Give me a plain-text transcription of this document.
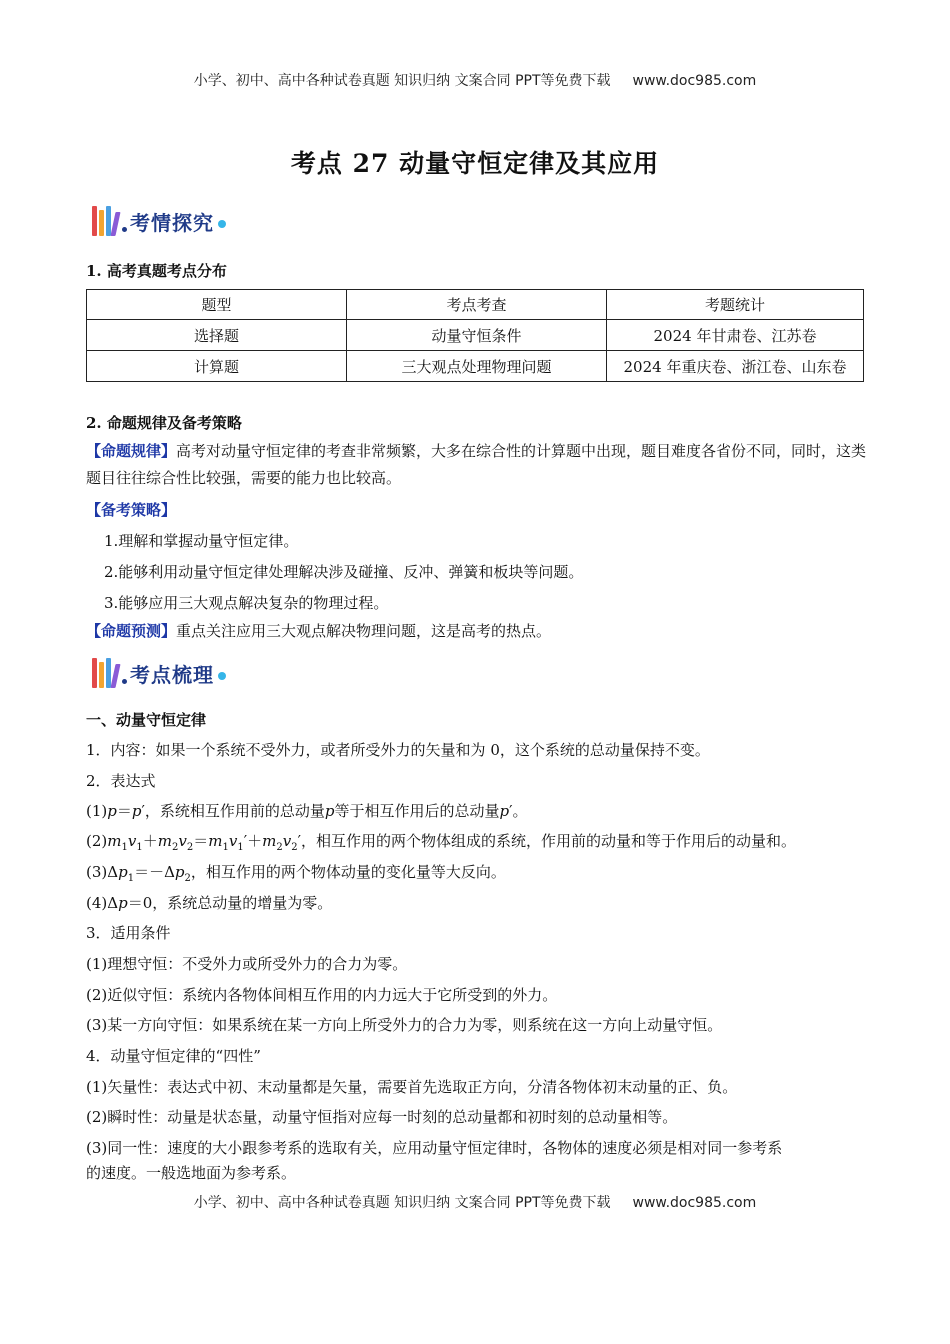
小学、初中、高中各种试卷真题 知识归纳 文案合同 PPT等免费下载 www.doc985.com
考点 27 动量守恒定律及其应用
考情探究
1. 高考真题考点分布
题型	考点考查	考题统计
选择题	动量守恒条件	2024 年甘肃卷、江苏卷
计算题	三大观点处理物理问题	2024 年重庆卷、浙江卷、山东卷
2. 命题规律及备考策略
【命题规律】高考对动量守恒定律的考查非常频繁，大多在综合性的计算题中出现，题目难度各省份不同，同时，这类题目往往综合性比较强，需要的能力也比较高。
【备考策略】
1.理解和掌握动量守恒定律。
2.能够利用动量守恒定律处理解决涉及碰撞、反冲、弹簧和板块等问题。
3.能够应用三大观点解决复杂的物理过程。
【命题预测】重点关注应用三大观点解决物理问题，这是高考的热点。
考点梳理
一、动量守恒定律
1．内容：如果一个系统不受外力，或者所受外力的矢量和为 0，这个系统的总动量保持不变。
2．表达式
(1)p＝p′，系统相互作用前的总动量p等于相互作用后的总动量p′。
$(2)m_1v_1+m_2v_2=m_1v_1'+m_2v_2'$，相互作用的两个物体组成的系统，作用前的动量和等于作用后的动量和。
$(3)\Delta p_1=-\Delta p_2$，相互作用的两个物体动量的变化量等大反向。
(4)Δp＝0，系统总动量的增量为零。
3．适用条件
(1)理想守恒：不受外力或所受外力的合力为零。
(2)近似守恒：系统内各物体间相互作用的内力远大于它所受到的外力。
(3)某一方向守恒：如果系统在某一方向上所受外力的合力为零，则系统在这一方向上动量守恒。
4．动量守恒定律的“四性”
(1)矢量性：表达式中初、末动量都是矢量，需要首先选取正方向，分清各物体初末动量的正、负。
(2)瞬时性：动量是状态量，动量守恒指对应每一时刻的总动量都和初时刻的总动量相等。
(3)同一性：速度的大小跟参考系的选取有关，应用动量守恒定律时，各物体的速度必须是相对同一参考系
的速度。一般选地面为参考系。
小学、初中、高中各种试卷真题 知识归纳 文案合同 PPT等免费下载 www.doc985.com
